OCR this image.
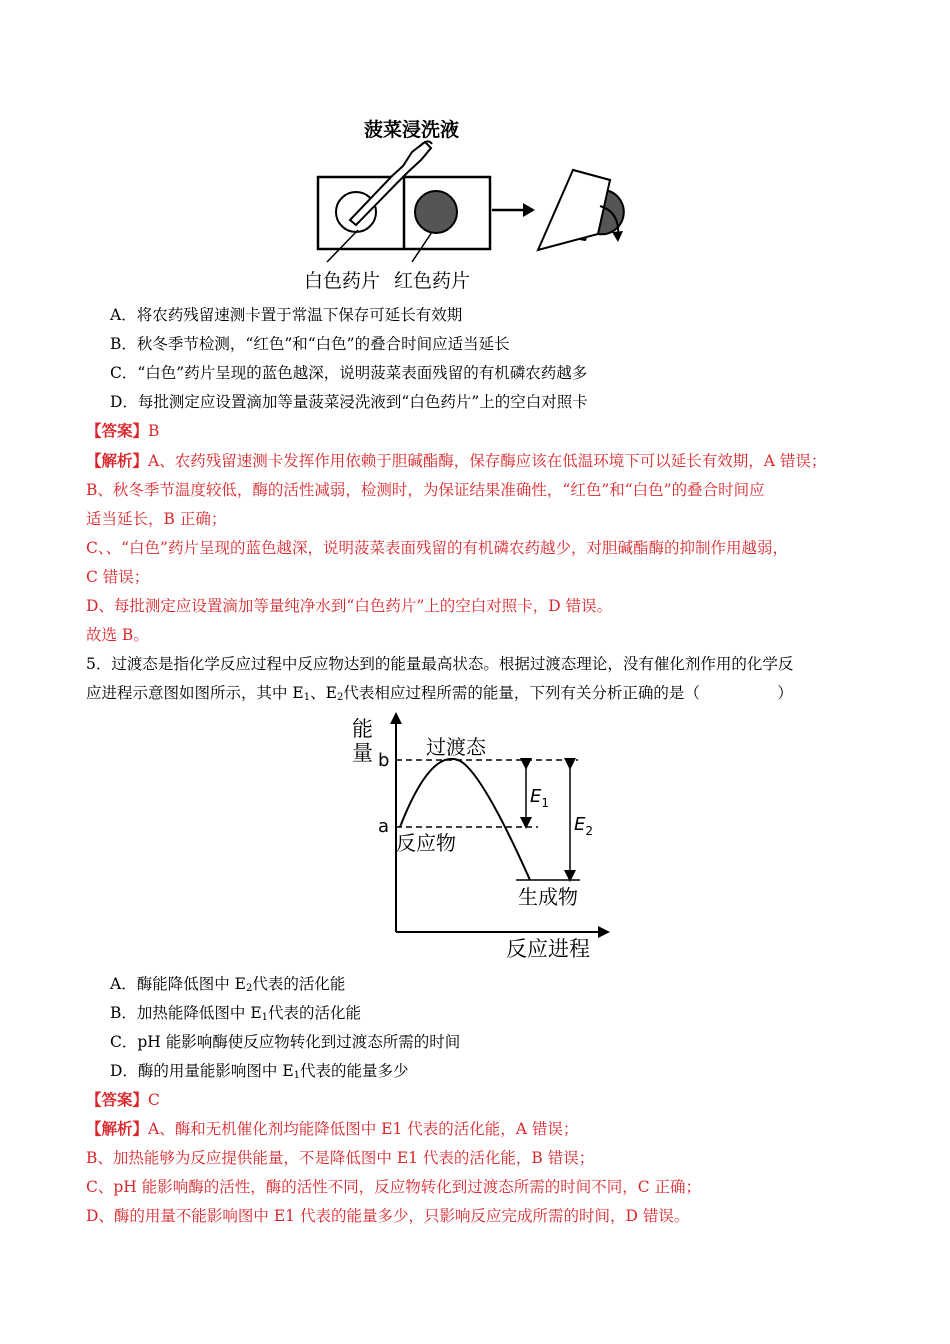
菠菜浸洗液
白色药片 红色药片
A．将农药残留速测卡置于常温下保存可延长有效期
B．秋冬季节检测，“红色”和“白色”的叠合时间应适当延长
C．“白色”药片呈现的蓝色越深，说明菠菜表面残留的有机磷农药越多
D．每批测定应设置滴加等量菠菜浸洗液到“白色药片”上的空白对照卡
【答案】B
【解析】A、农药残留速测卡发挥作用依赖于胆碱酯酶，保存酶应该在低温环境下可以延长有效期，A 错误；
B、秋冬季节温度较低，酶的活性减弱，检测时，为保证结果准确性，“红色”和“白色”的叠合时间应
适当延长，B 正确；
C、、“白色”药片呈现的蓝色越深，说明菠菜表面残留的有机磷农药越少，对胆碱酯酶的抑制作用越弱，
C 错误；
D、每批测定应设置滴加等量纯净水到“白色药片”上的空白对照卡，D 错误。
故选 B。
5．过渡态是指化学反应过程中反应物达到的能量最高状态。根据过渡态理论，没有催化剂作用的化学反
应进程示意图如图所示，其中 $E_1$、$E_2$代表相应过程所需的能量，下列有关分析正确的是（　　　　　）
能
量
反应进程
b
a
过渡态
反应物
生成物
$E_1$
$E_2$
A．酶能降低图中 $E_2$代表的活化能
B．加热能降低图中 $E_1$代表的活化能
C．pH 能影响酶使反应物转化到过渡态所需的时间
D．酶的用量能影响图中 $E_1$代表的能量多少
【答案】C
【解析】A、酶和无机催化剂均能降低图中 E1 代表的活化能，A 错误；
B、加热能够为反应提供能量，不是降低图中 E1 代表的活化能，B 错误；
C、pH 能影响酶的活性，酶的活性不同，反应物转化到过渡态所需的时间不同，C 正确；
D、酶的用量不能影响图中 E1 代表的能量多少，只影响反应完成所需的时间，D 错误。
